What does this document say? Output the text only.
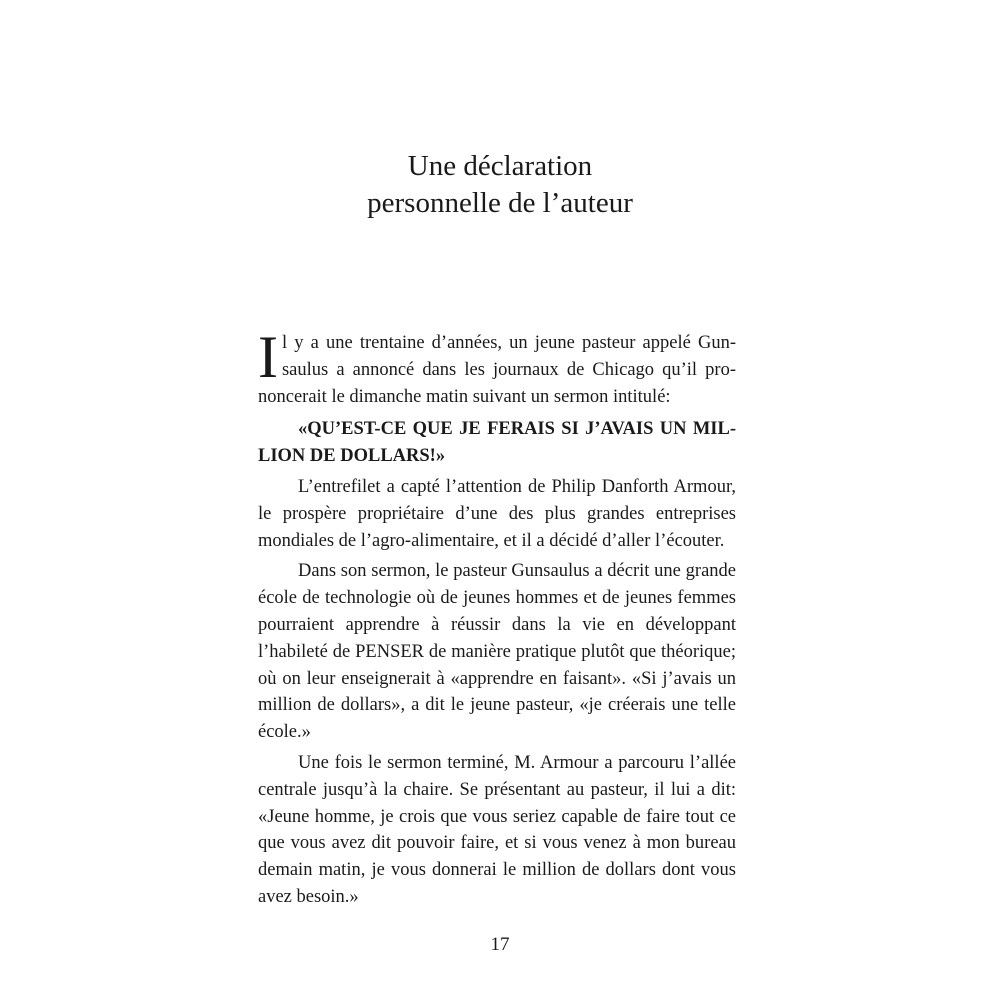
Une déclaration
personnelle de l’auteur

Il y a une trentaine d’années, un jeune pasteur appelé Gunsaulus a annoncé dans les journaux de Chicago qu’il prononcerait le dimanche matin suivant un sermon intitulé:

«QU’EST-CE QUE JE FERAIS SI J’AVAIS UN MILLION DE DOLLARS!»

L’entrefilet a capté l’attention de Philip Danforth Armour, le prospère propriétaire d’une des plus grandes entreprises mondiales de l’agro-alimentaire, et il a décidé d’aller l’écouter.

Dans son sermon, le pasteur Gunsaulus a décrit une grande école de technologie où de jeunes hommes et de jeunes femmes pourraient apprendre à réussir dans la vie en développant l’habileté de PENSER de manière pratique plutôt que théorique; où on leur enseignerait à «apprendre en faisant». «Si j’avais un million de dollars», a dit le jeune pasteur, «je créerais une telle école.»

Une fois le sermon terminé, M. Armour a parcouru l’allée centrale jusqu’à la chaire. Se présentant au pasteur, il lui a dit: «Jeune homme, je crois que vous seriez capable de faire tout ce que vous avez dit pouvoir faire, et si vous venez à mon bureau demain matin, je vous donnerai le million de dollars dont vous avez besoin.»

17
